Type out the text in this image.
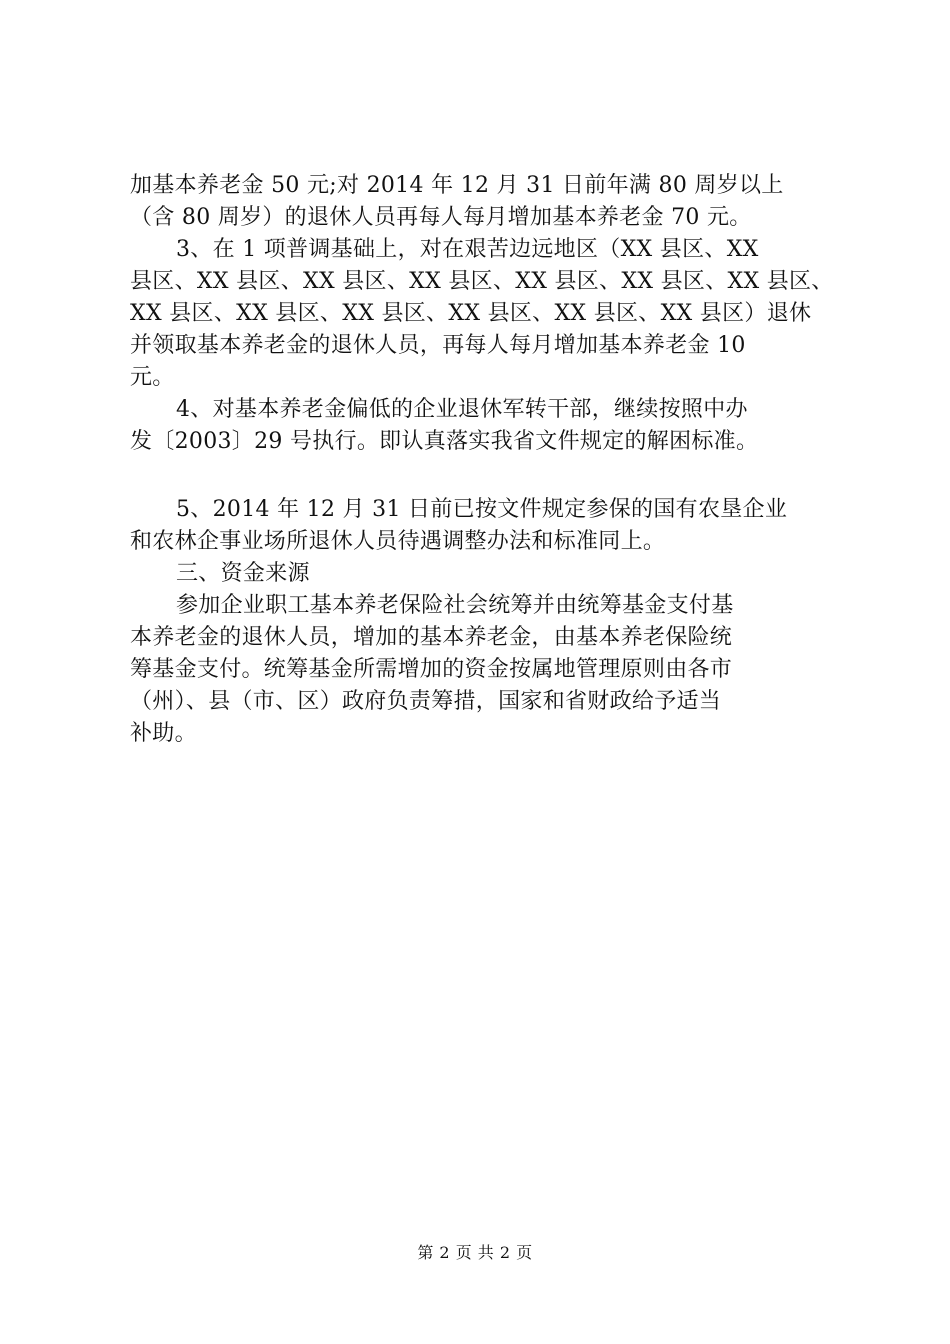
加基本养老金 50 元;对 2014 年 12 月 31 日前年满 80 周岁以上
（含 80 周岁）的退休人员再每人每月增加基本养老金 70 元。
3、在 1 项普调基础上，对在艰苦边远地区（XX 县区、XX
县区、XX 县区、XX 县区、XX 县区、XX 县区、XX 县区、XX 县区、
XX 县区、XX 县区、XX 县区、XX 县区、XX 县区、XX 县区）退休
并领取基本养老金的退休人员，再每人每月增加基本养老金 10
元。
4、对基本养老金偏低的企业退休军转干部，继续按照中办
发〔2003〕29 号执行。即认真落实我省文件规定的解困标准。
5、2014 年 12 月 31 日前已按文件规定参保的国有农垦企业
和农林企事业场所退休人员待遇调整办法和标准同上。
三、资金来源
参加企业职工基本养老保险社会统筹并由统筹基金支付基
本养老金的退休人员，增加的基本养老金，由基本养老保险统
筹基金支付。统筹基金所需增加的资金按属地管理原则由各市
（州）、县（市、区）政府负责筹措，国家和省财政给予适当
补助。
第 2 页 共 2 页
